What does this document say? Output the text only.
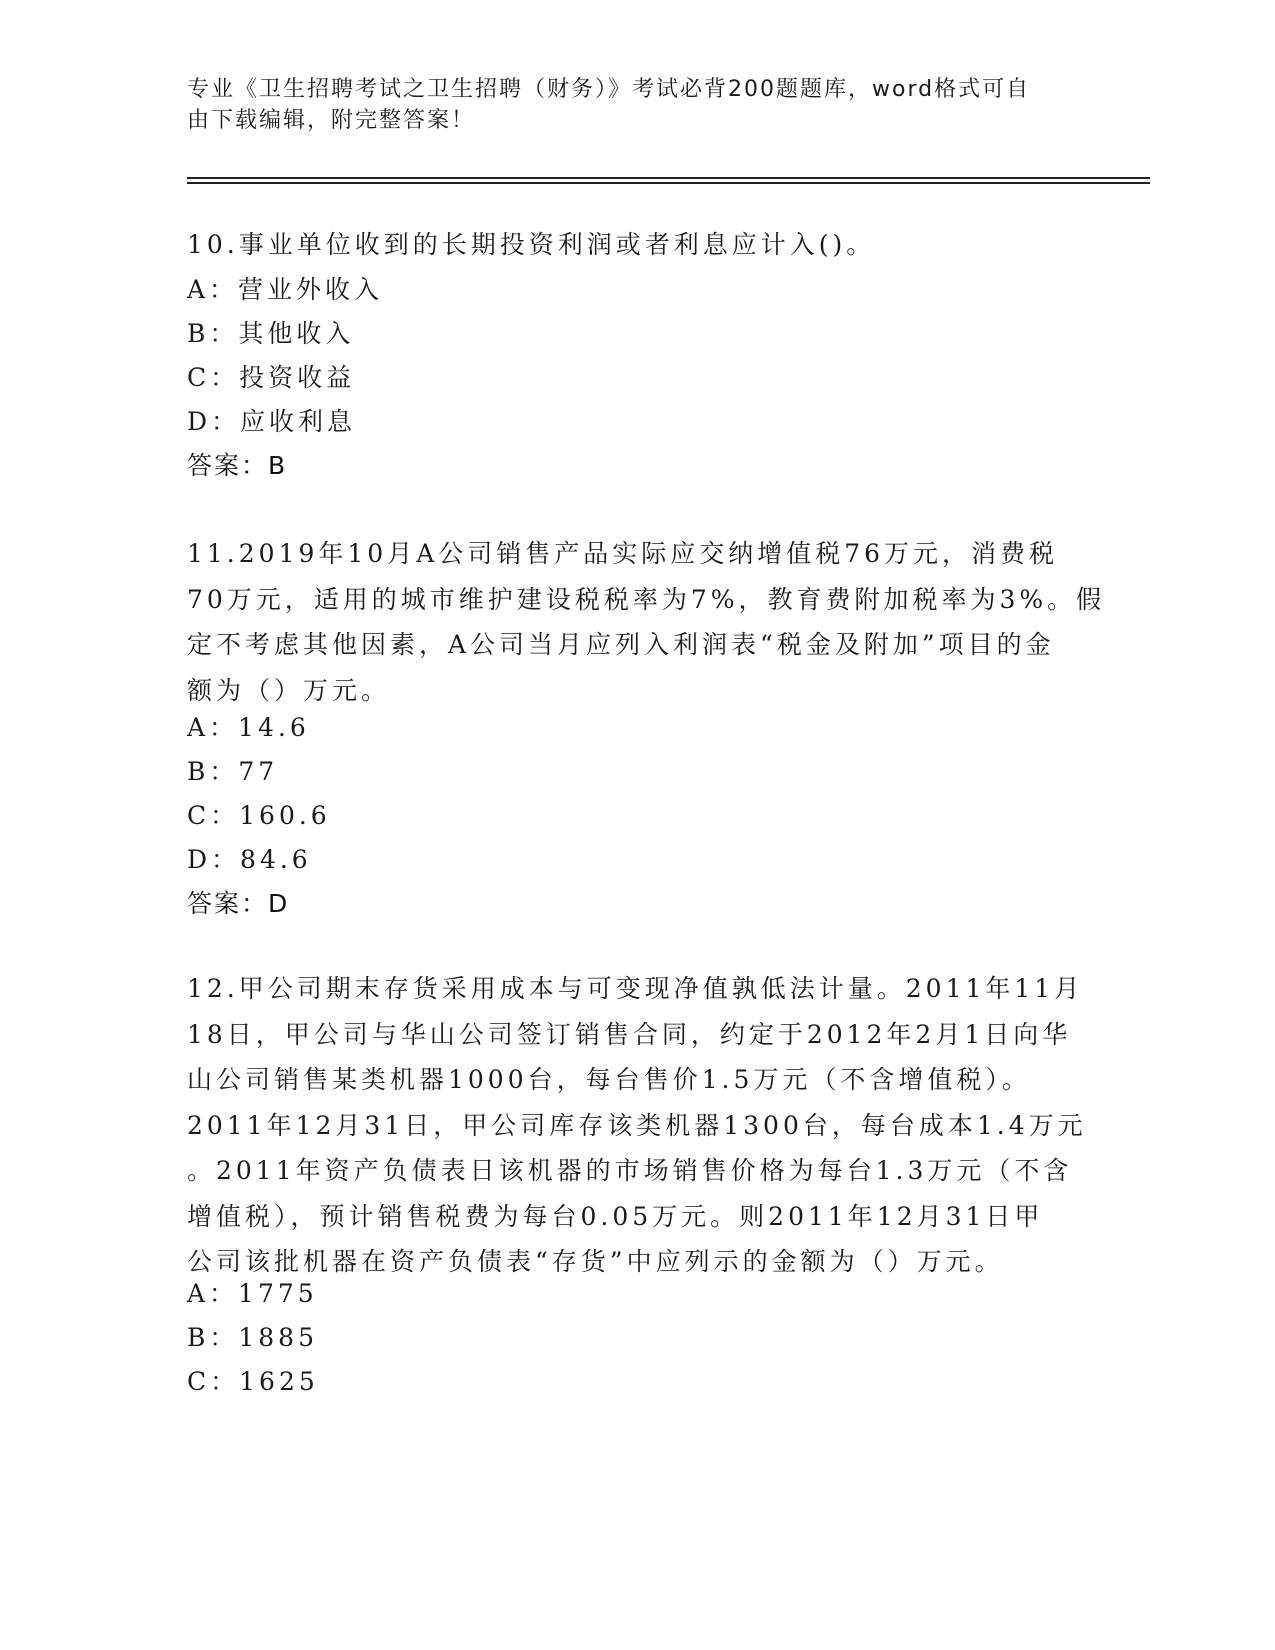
专业《卫生招聘考试之卫生招聘（财务）》考试必背200题题库，word格式可自
由下载编辑，附完整答案！
10.事业单位收到的长期投资利润或者利息应计入()。
A：营业外收入
B：其他收入
C：投资收益
D：应收利息
答案：B
11.2019年10月A公司销售产品实际应交纳增值税76万元，消费税
70万元，适用的城市维护建设税税率为7%，教育费附加税率为3%。假
定不考虑其他因素，A公司当月应列入利润表“税金及附加”项目的金
额为（）万元。
A：14.6
B：77
C：160.6
D：84.6
答案：D
12.甲公司期末存货采用成本与可变现净值孰低法计量。2011年11月
18日，甲公司与华山公司签订销售合同，约定于2012年2月1日向华
山公司销售某类机器1000台，每台售价1.5万元（不含增值税）。
2011年12月31日，甲公司库存该类机器1300台，每台成本1.4万元
。2011年资产负债表日该机器的市场销售价格为每台1.3万元（不含
增值税），预计销售税费为每台0.05万元。则2011年12月31日甲
公司该批机器在资产负债表“存货”中应列示的金额为（）万元。
A：1775
B：1885
C：1625
